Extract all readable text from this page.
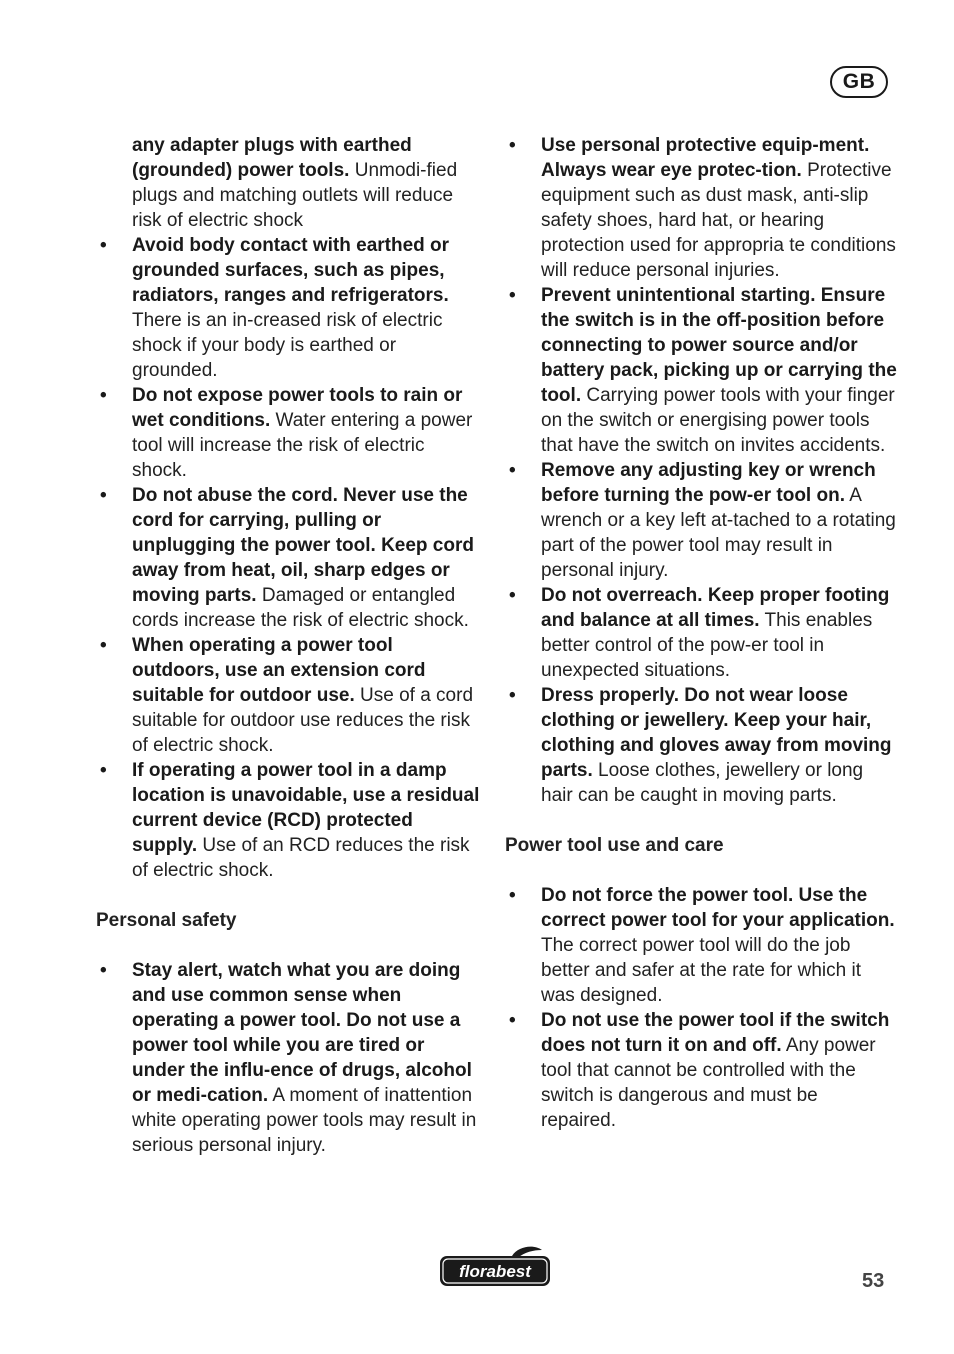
GB

any adapter plugs with earthed (grounded) power tools. Unmodi-fied plugs and matching outlets will reduce risk of electric shock

• Avoid body contact with earthed or grounded surfaces, such as pipes, radiators, ranges and refrigerators. There is an in-creased risk of electric shock if your body is earthed or grounded.

• Do not expose power tools to rain or wet conditions. Water entering a power tool will increase the risk of electric shock.

• Do not abuse the cord. Never use the cord for carrying, pulling or unplugging the power tool. Keep cord away from heat, oil, sharp edges or moving parts. Damaged or entangled cords increase the risk of electric shock.

• When operating a power tool outdoors, use an extension cord suitable for outdoor use. Use of a cord suitable for outdoor use reduces the risk of electric shock.

• If operating a power tool in a damp location is unavoidable, use a residual current device (RCD) protected supply. Use of an RCD reduces the risk of electric shock.

Personal safety

• Stay alert, watch what you are doing and use common sense when operating a power tool. Do not use a power tool while you are tired or under the influ-ence of drugs, alcohol or medi-cation. A moment of inattention white operating power tools may result in serious personal injury.

• Use personal protective equip-ment. Always wear eye protec-tion. Protective equipment such as dust mask, anti-slip safety shoes, hard hat, or hearing protection used for appropria te conditions will reduce personal injuries.

• Prevent unintentional starting. Ensure the switch is in the off-position before connecting to power source and/or battery pack, picking up or carrying the tool. Carrying power tools with your finger on the switch or energising power tools that have the switch on invites accidents.

• Remove any adjusting key or wrench before turning the pow-er tool on. A wrench or a key left at-tached to a rotating part of the power tool may result in personal injury.

• Do not overreach. Keep proper footing and balance at all times. This enables better control of the pow-er tool in unexpected situations.

• Dress properly. Do not wear loose clothing or jewellery. Keep your hair, clothing and gloves away from moving parts. Loose clothes, jewellery or long hair can be caught in moving parts.

Power tool use and care

• Do not force the power tool. Use the correct power tool for your application. The correct power tool will do the job better and safer at the rate for which it was designed.

• Do not use the power tool if the switch does not turn it on and off. Any power tool that cannot be controlled with the switch is dangerous and must be repaired.

florabest	53
